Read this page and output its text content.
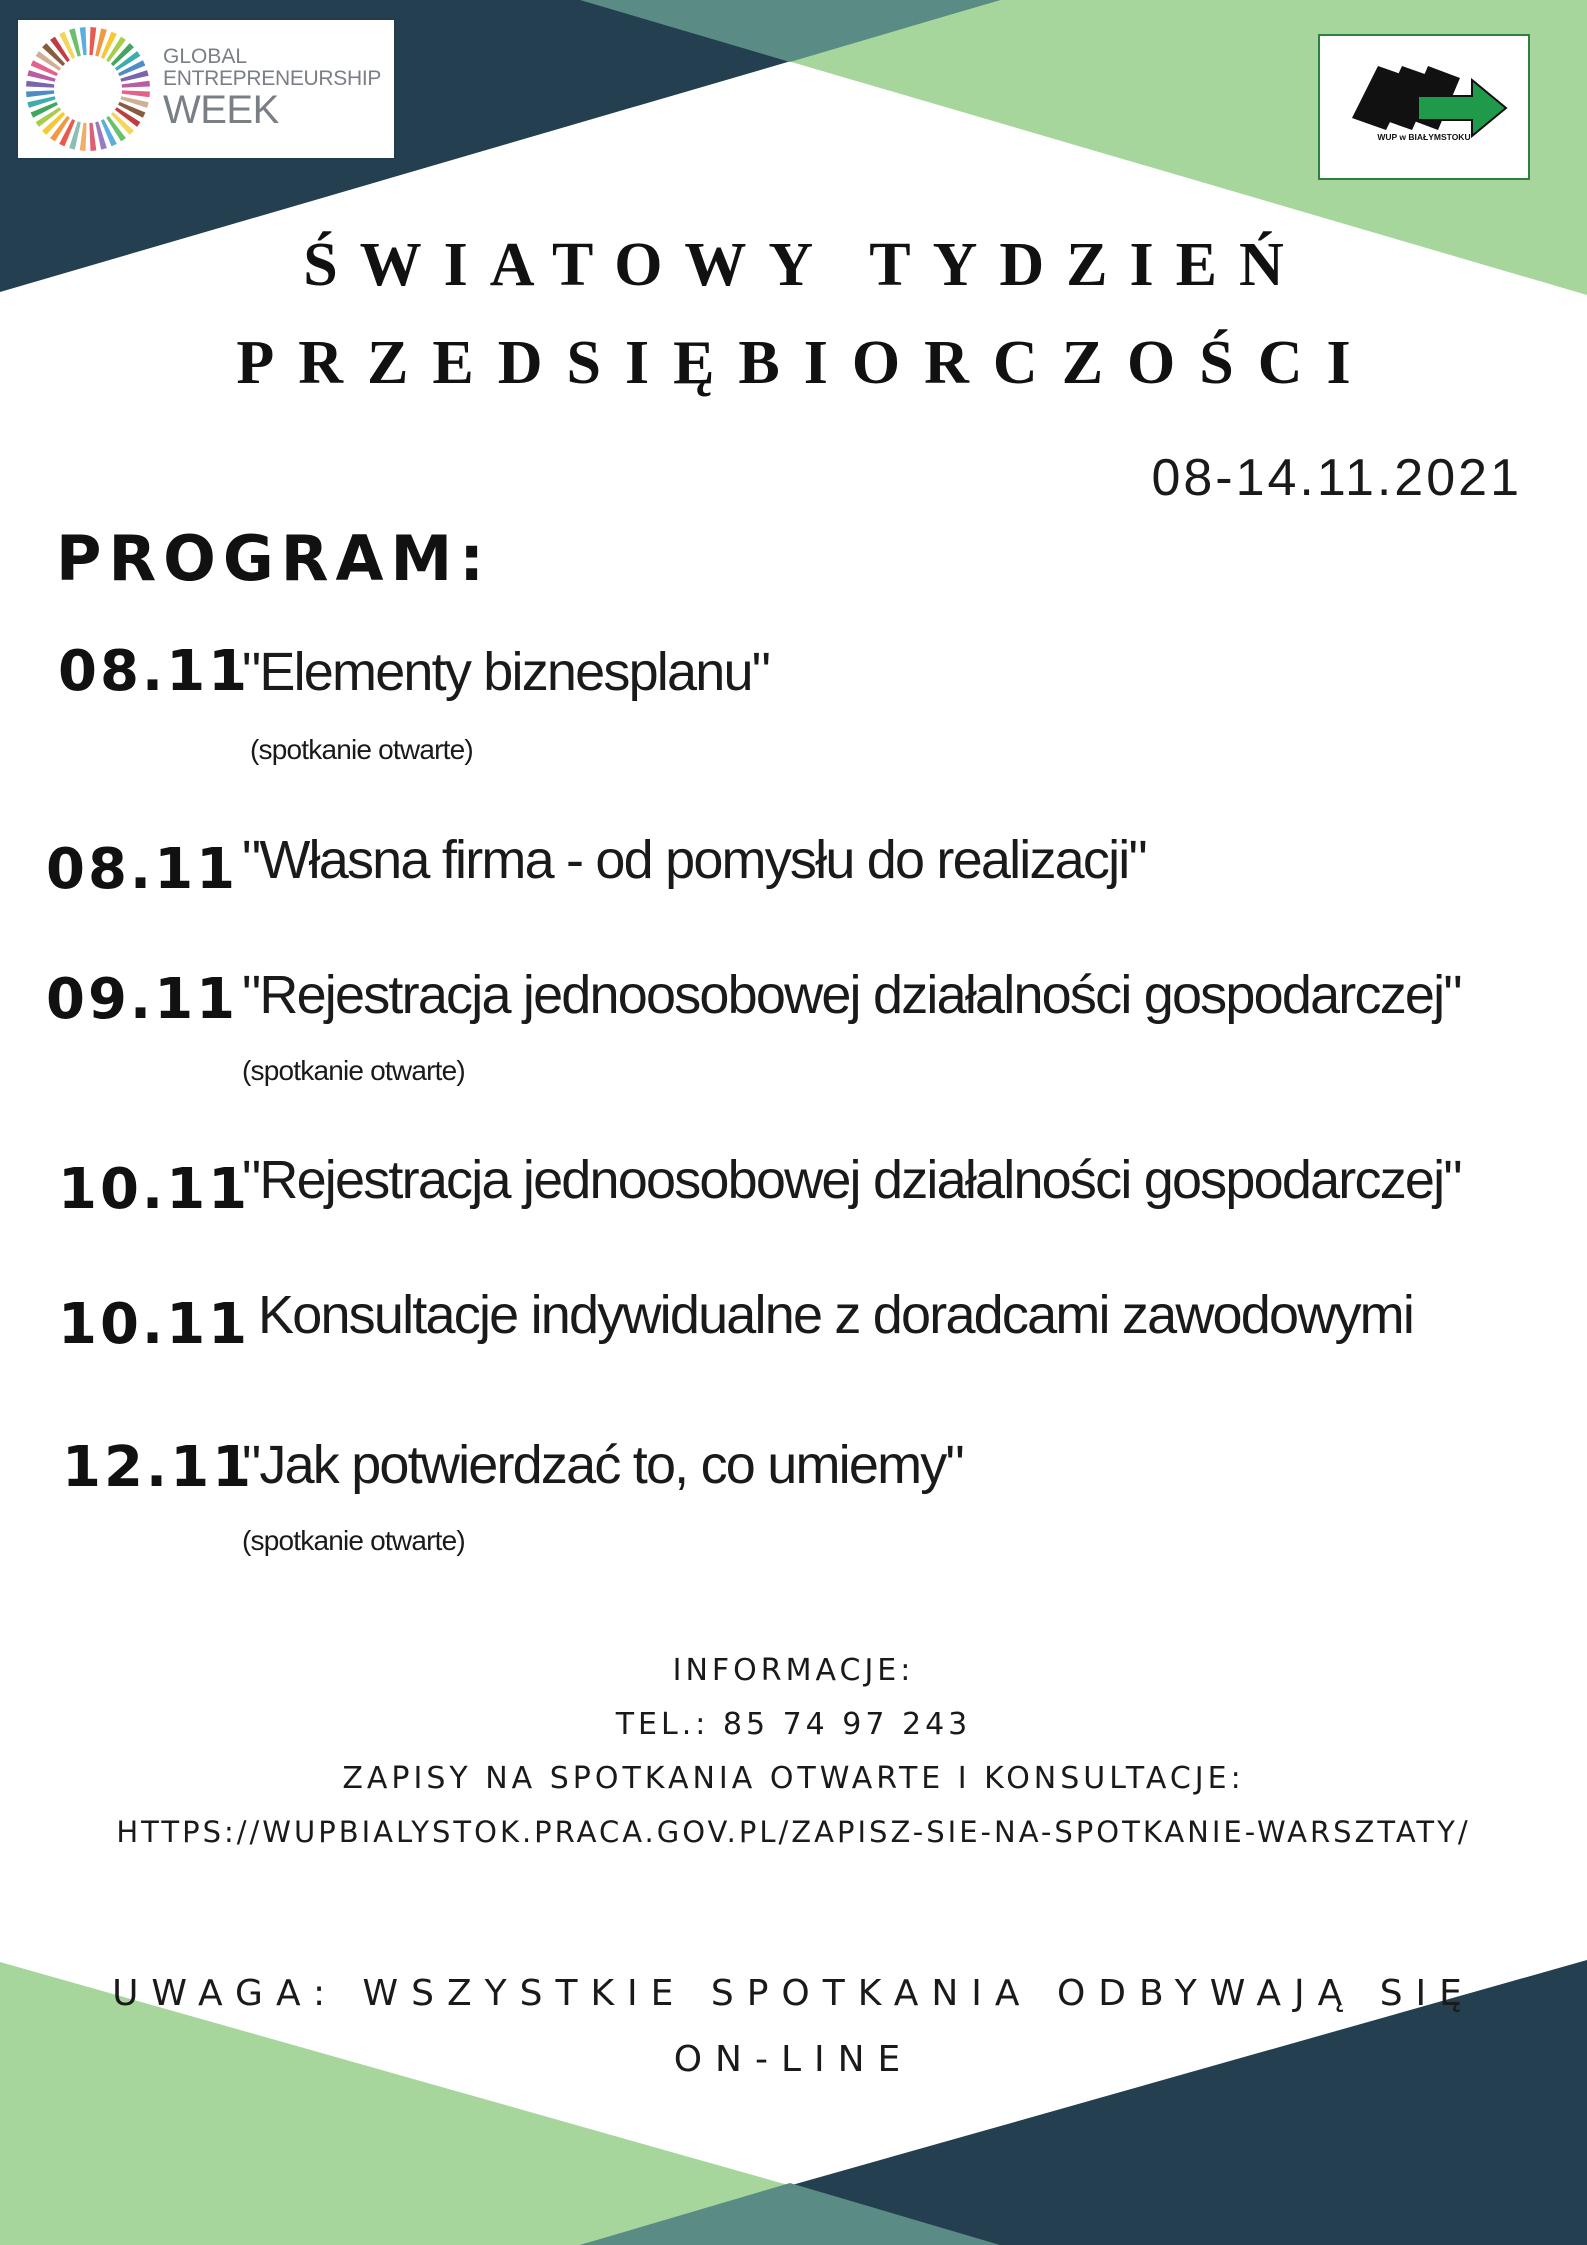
GLOBAL
ENTREPRENEURSHIP
WEEK
WUP w BIAŁYMSTOKU
ŚWIATOWY TYDZIEŃ
PRZEDSIĘBIORCZOŚCI
08-14.11.2021
PROGRAM:
08.11
"Elementy biznesplanu"
(spotkanie otwarte)
08.11 "Własna firma - od pomysłu do realizacji"
09.11 "Rejestracja jednoosobowej działalności gospodarczej"
(spotkanie otwarte)
10.11
"Rejestracja jednoosobowej działalności gospodarczej"
10.11 Konsultacje indywidualne z doradcami zawodowymi
12.11
"Jak potwierdzać to, co umiemy"
(spotkanie otwarte)
INFORMACJE:
TEL.: 85 74 97 243
ZAPISY NA SPOTKANIA OTWARTE I KONSULTACJE:
HTTPS://WUPBIALYSTOK.PRACA.GOV.PL/ZAPISZ-SIE-NA-SPOTKANIE-WARSZTATY/
UWAGA: WSZYSTKIE SPOTKANIA ODBYWAJĄ SIĘ
ON-LINE
